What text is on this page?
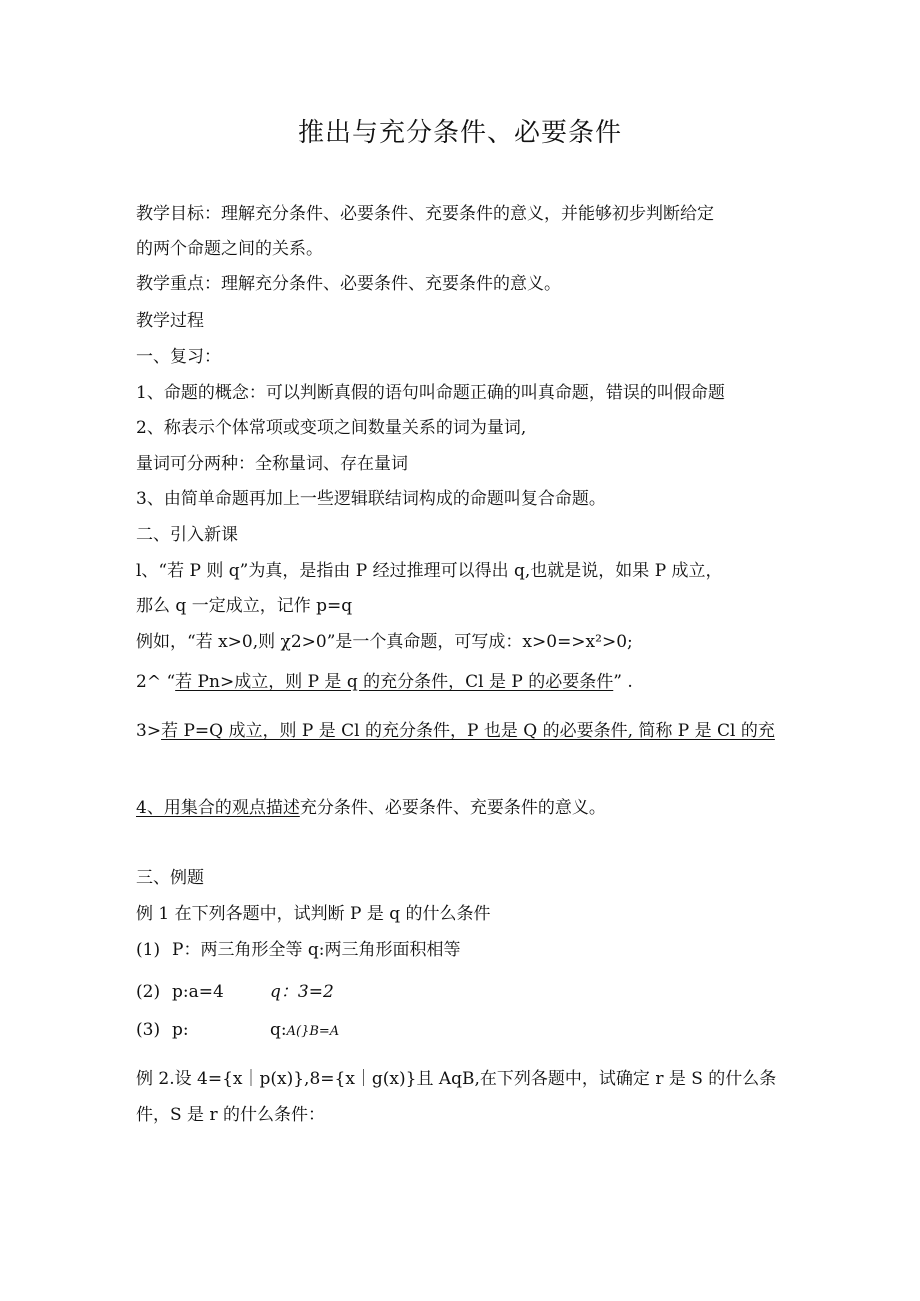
推出与充分条件、必要条件
教学目标：理解充分条件、必要条件、充要条件的意义，并能够初步判断给定
的两个命题之间的关系。
教学重点：理解充分条件、必要条件、充要条件的意义。
教学过程
一、复习：
1、命题的概念：可以判断真假的语句叫命题正确的叫真命题，错误的叫假命题
2、称表示个体常项或变项之间数量关系的词为量词,
量词可分两种：全称量词、存在量词
3、由简单命题再加上一些逻辑联结词构成的命题叫复合命题。
二、引入新课
l、“若 P 则 q”为真，是指由 P 经过推理可以得出 q,也就是说，如果 P 成立，
那么 q 一定成立，记作 p=q
例如，“若 x>0,则 χ2>0”是一个真命题，可写成：x>0=>x²>0;
2^ “若 Pn>成立，则 P 是 q 的充分条件，Cl 是 P 的必要条件” .
3>若 P=Q 成立，则 P 是 Cl 的充分条件，P 也是 Q 的必要条件, 简称 P 是 Cl 的充
4、用集合的观点描述充分条件、必要条件、充要条件的意义。
三、例题
例 1 在下列各题中，试判断 P 是 q 的什么条件
(1) P：两三角形全等 q:两三角形面积相等
(2) p:a=4	q：3=2
(3) p:	q:A(}B=A
例 2.设 4={x｜p(x)},8={x｜g(x)}且 AqB,在下列各题中，试确定 r 是 S 的什么条
件，S 是 r 的什么条件：
